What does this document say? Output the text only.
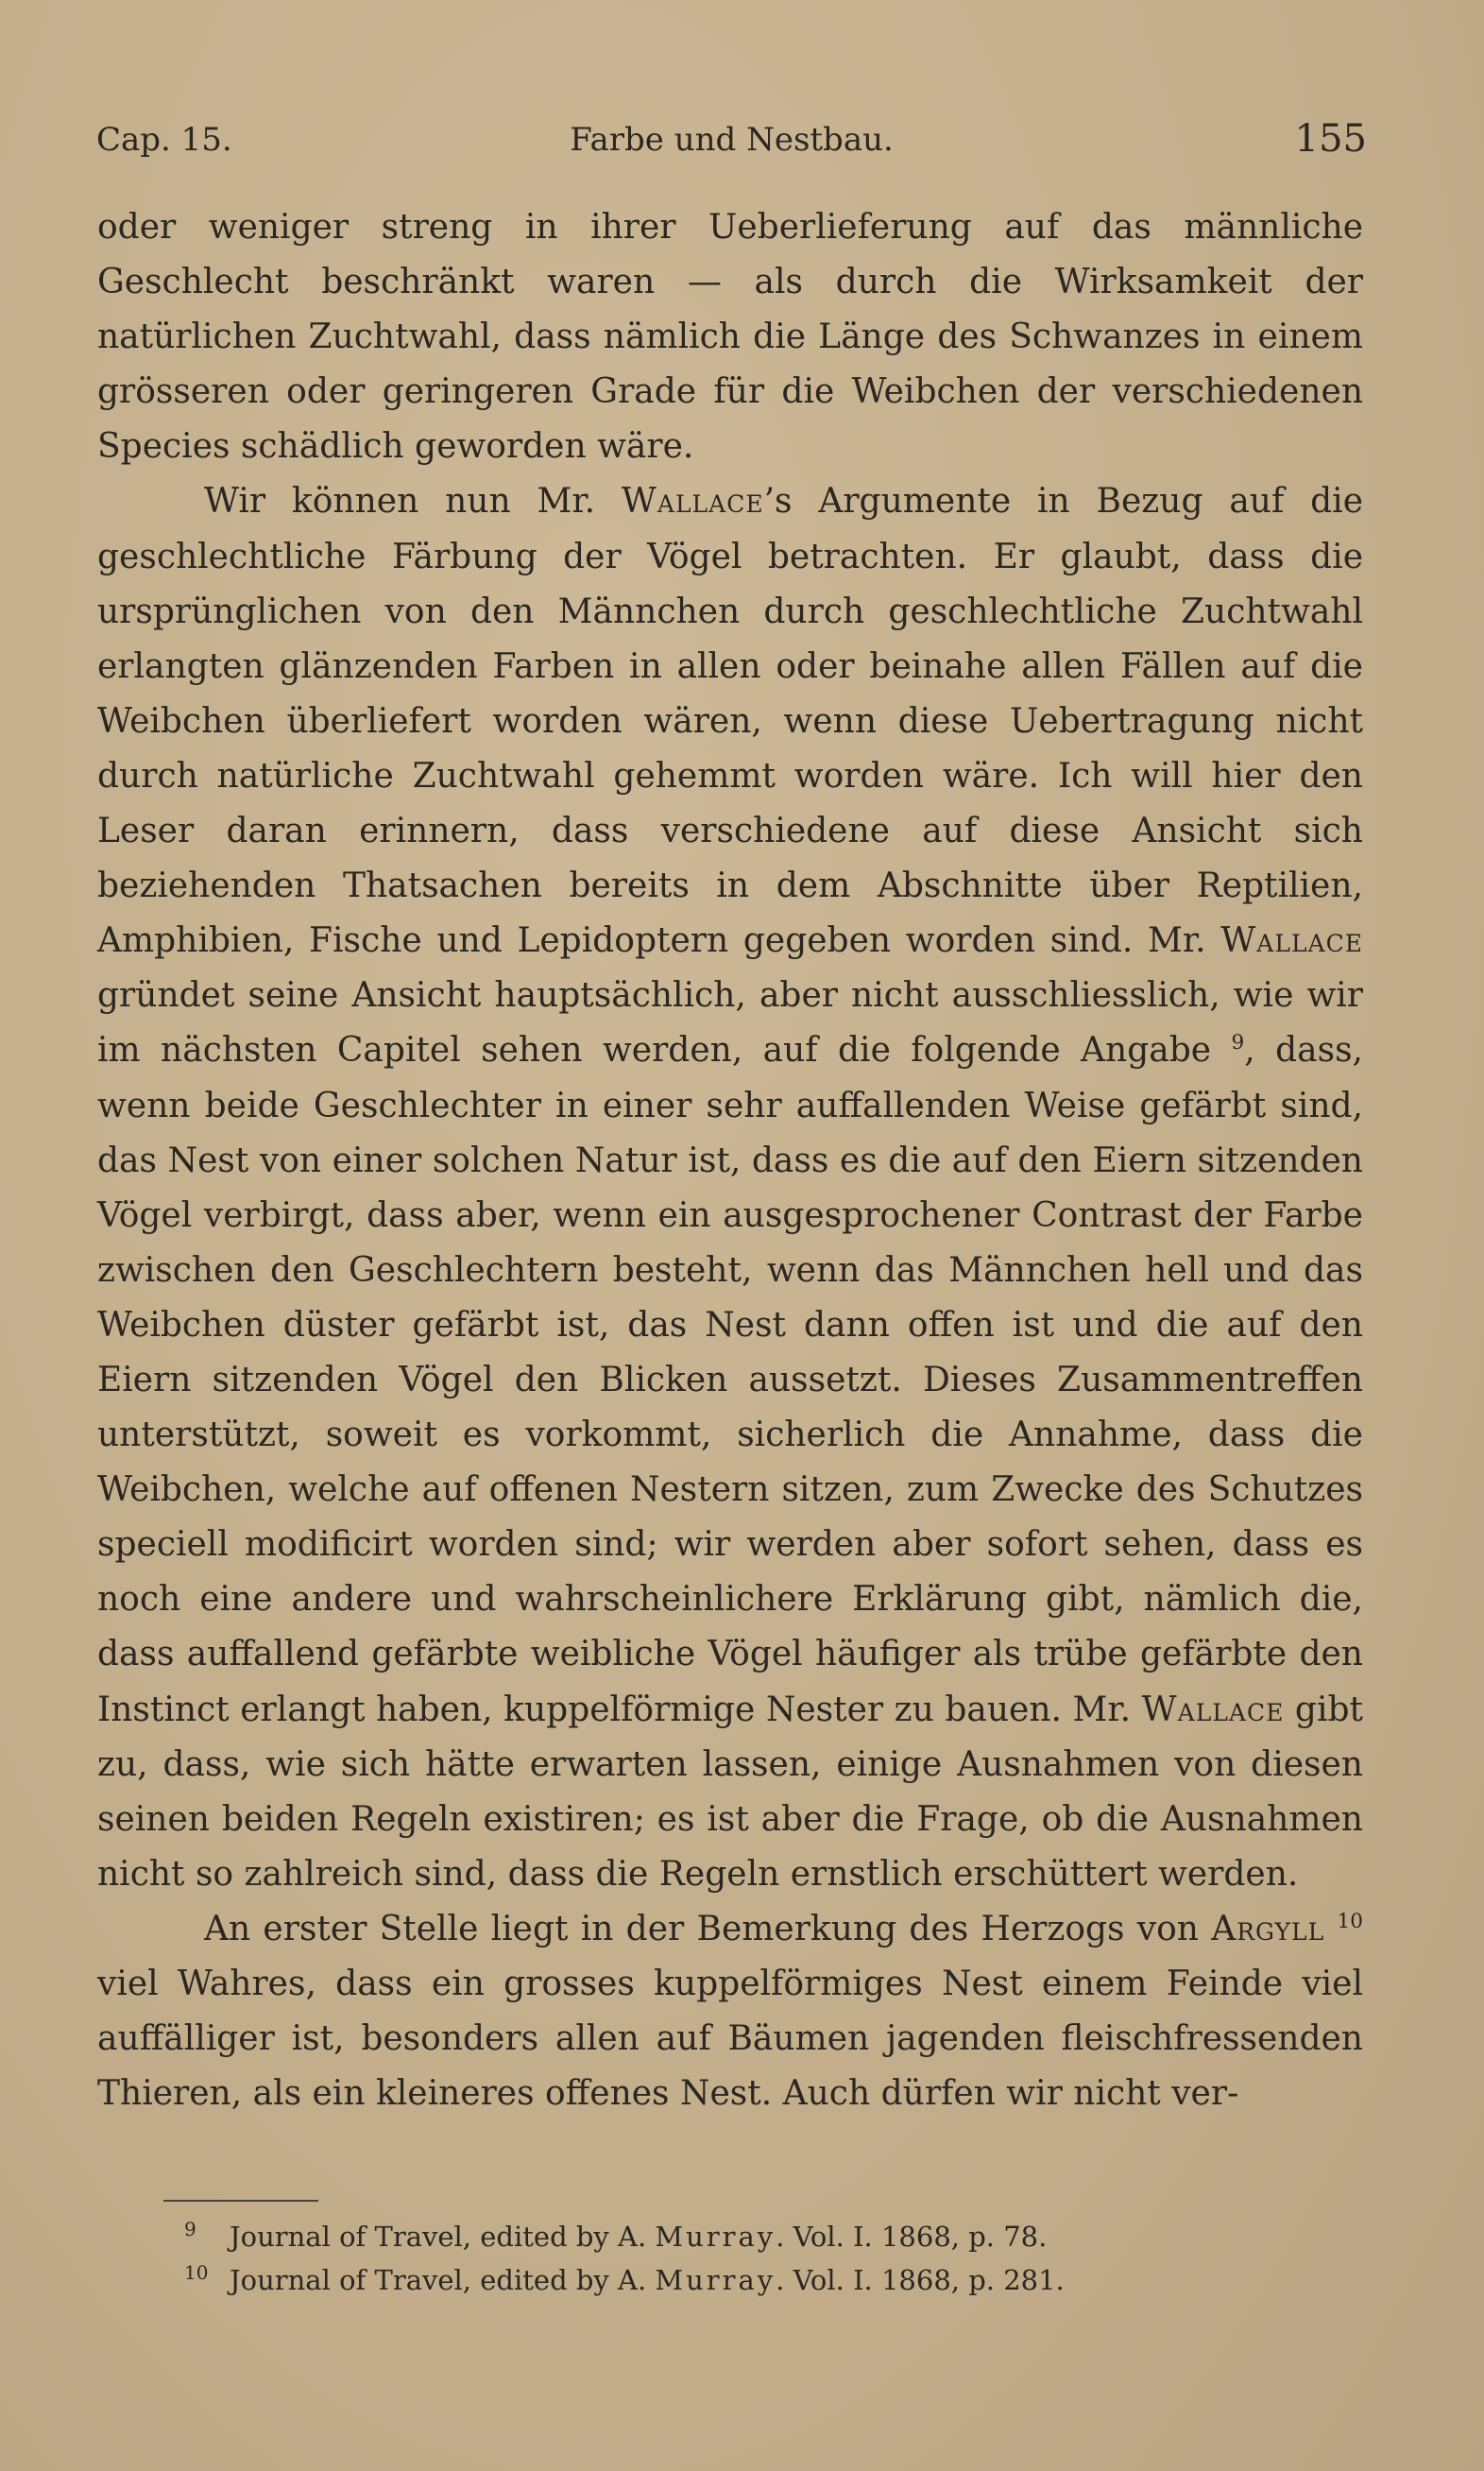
Cap. 15.	Farbe und Nestbau.	155

oder weniger streng in ihrer Ueberlieferung auf das männliche Geschlecht beschränkt waren — als durch die Wirksamkeit der natürlichen Zuchtwahl, dass nämlich die Länge des Schwanzes in einem grösseren oder geringeren Grade für die Weibchen der verschiedenen Species schädlich geworden wäre.

Wir können nun Mr. Wallace’s Argumente in Bezug auf die geschlechtliche Färbung der Vögel betrachten. Er glaubt, dass die ursprünglichen von den Männchen durch geschlechtliche Zuchtwahl erlangten glänzenden Farben in allen oder beinahe allen Fällen auf die Weibchen überliefert worden wären, wenn diese Uebertragung nicht durch natürliche Zuchtwahl gehemmt worden wäre. Ich will hier den Leser daran erinnern, dass verschiedene auf diese Ansicht sich beziehenden Thatsachen bereits in dem Abschnitte über Reptilien, Amphibien, Fische und Lepidoptern gegeben worden sind. Mr. Wallace gründet seine Ansicht hauptsächlich, aber nicht ausschliesslich, wie wir im nächsten Capitel sehen werden, auf die folgende Angabe $^9$, dass, wenn beide Geschlechter in einer sehr auffallenden Weise gefärbt sind, das Nest von einer solchen Natur ist, dass es die auf den Eiern sitzenden Vögel verbirgt, dass aber, wenn ein ausgesprochener Contrast der Farbe zwischen den Geschlechtern besteht, wenn das Männchen hell und das Weibchen düster gefärbt ist, das Nest dann offen ist und die auf den Eiern sitzenden Vögel den Blicken aussetzt. Dieses Zusammentreffen unterstützt, soweit es vorkommt, sicherlich die Annahme, dass die Weibchen, welche auf offenen Nestern sitzen, zum Zwecke des Schutzes speciell modificirt worden sind; wir werden aber sofort sehen, dass es noch eine andere und wahrscheinlichere Erklärung gibt, nämlich die, dass auffallend gefärbte weibliche Vögel häufiger als trübe gefärbte den Instinct erlangt haben, kuppelförmige Nester zu bauen. Mr. Wallace gibt zu, dass, wie sich hätte erwarten lassen, einige Ausnahmen von diesen seinen beiden Regeln existiren; es ist aber die Frage, ob die Ausnahmen nicht so zahlreich sind, dass die Regeln ernstlich erschüttert werden.

An erster Stelle liegt in der Bemerkung des Herzogs von Argyll $^{10}$ viel Wahres, dass ein grosses kuppelförmiges Nest einem Feinde viel auffälliger ist, besonders allen auf Bäumen jagenden fleischfressenden Thieren, als ein kleineres offenes Nest. Auch dürfen wir nicht ver-

9 Journal of Travel, edited by A. Murray. Vol. I. 1868, p. 78.
10 Journal of Travel, edited by A. Murray. Vol. I. 1868, p. 281.
